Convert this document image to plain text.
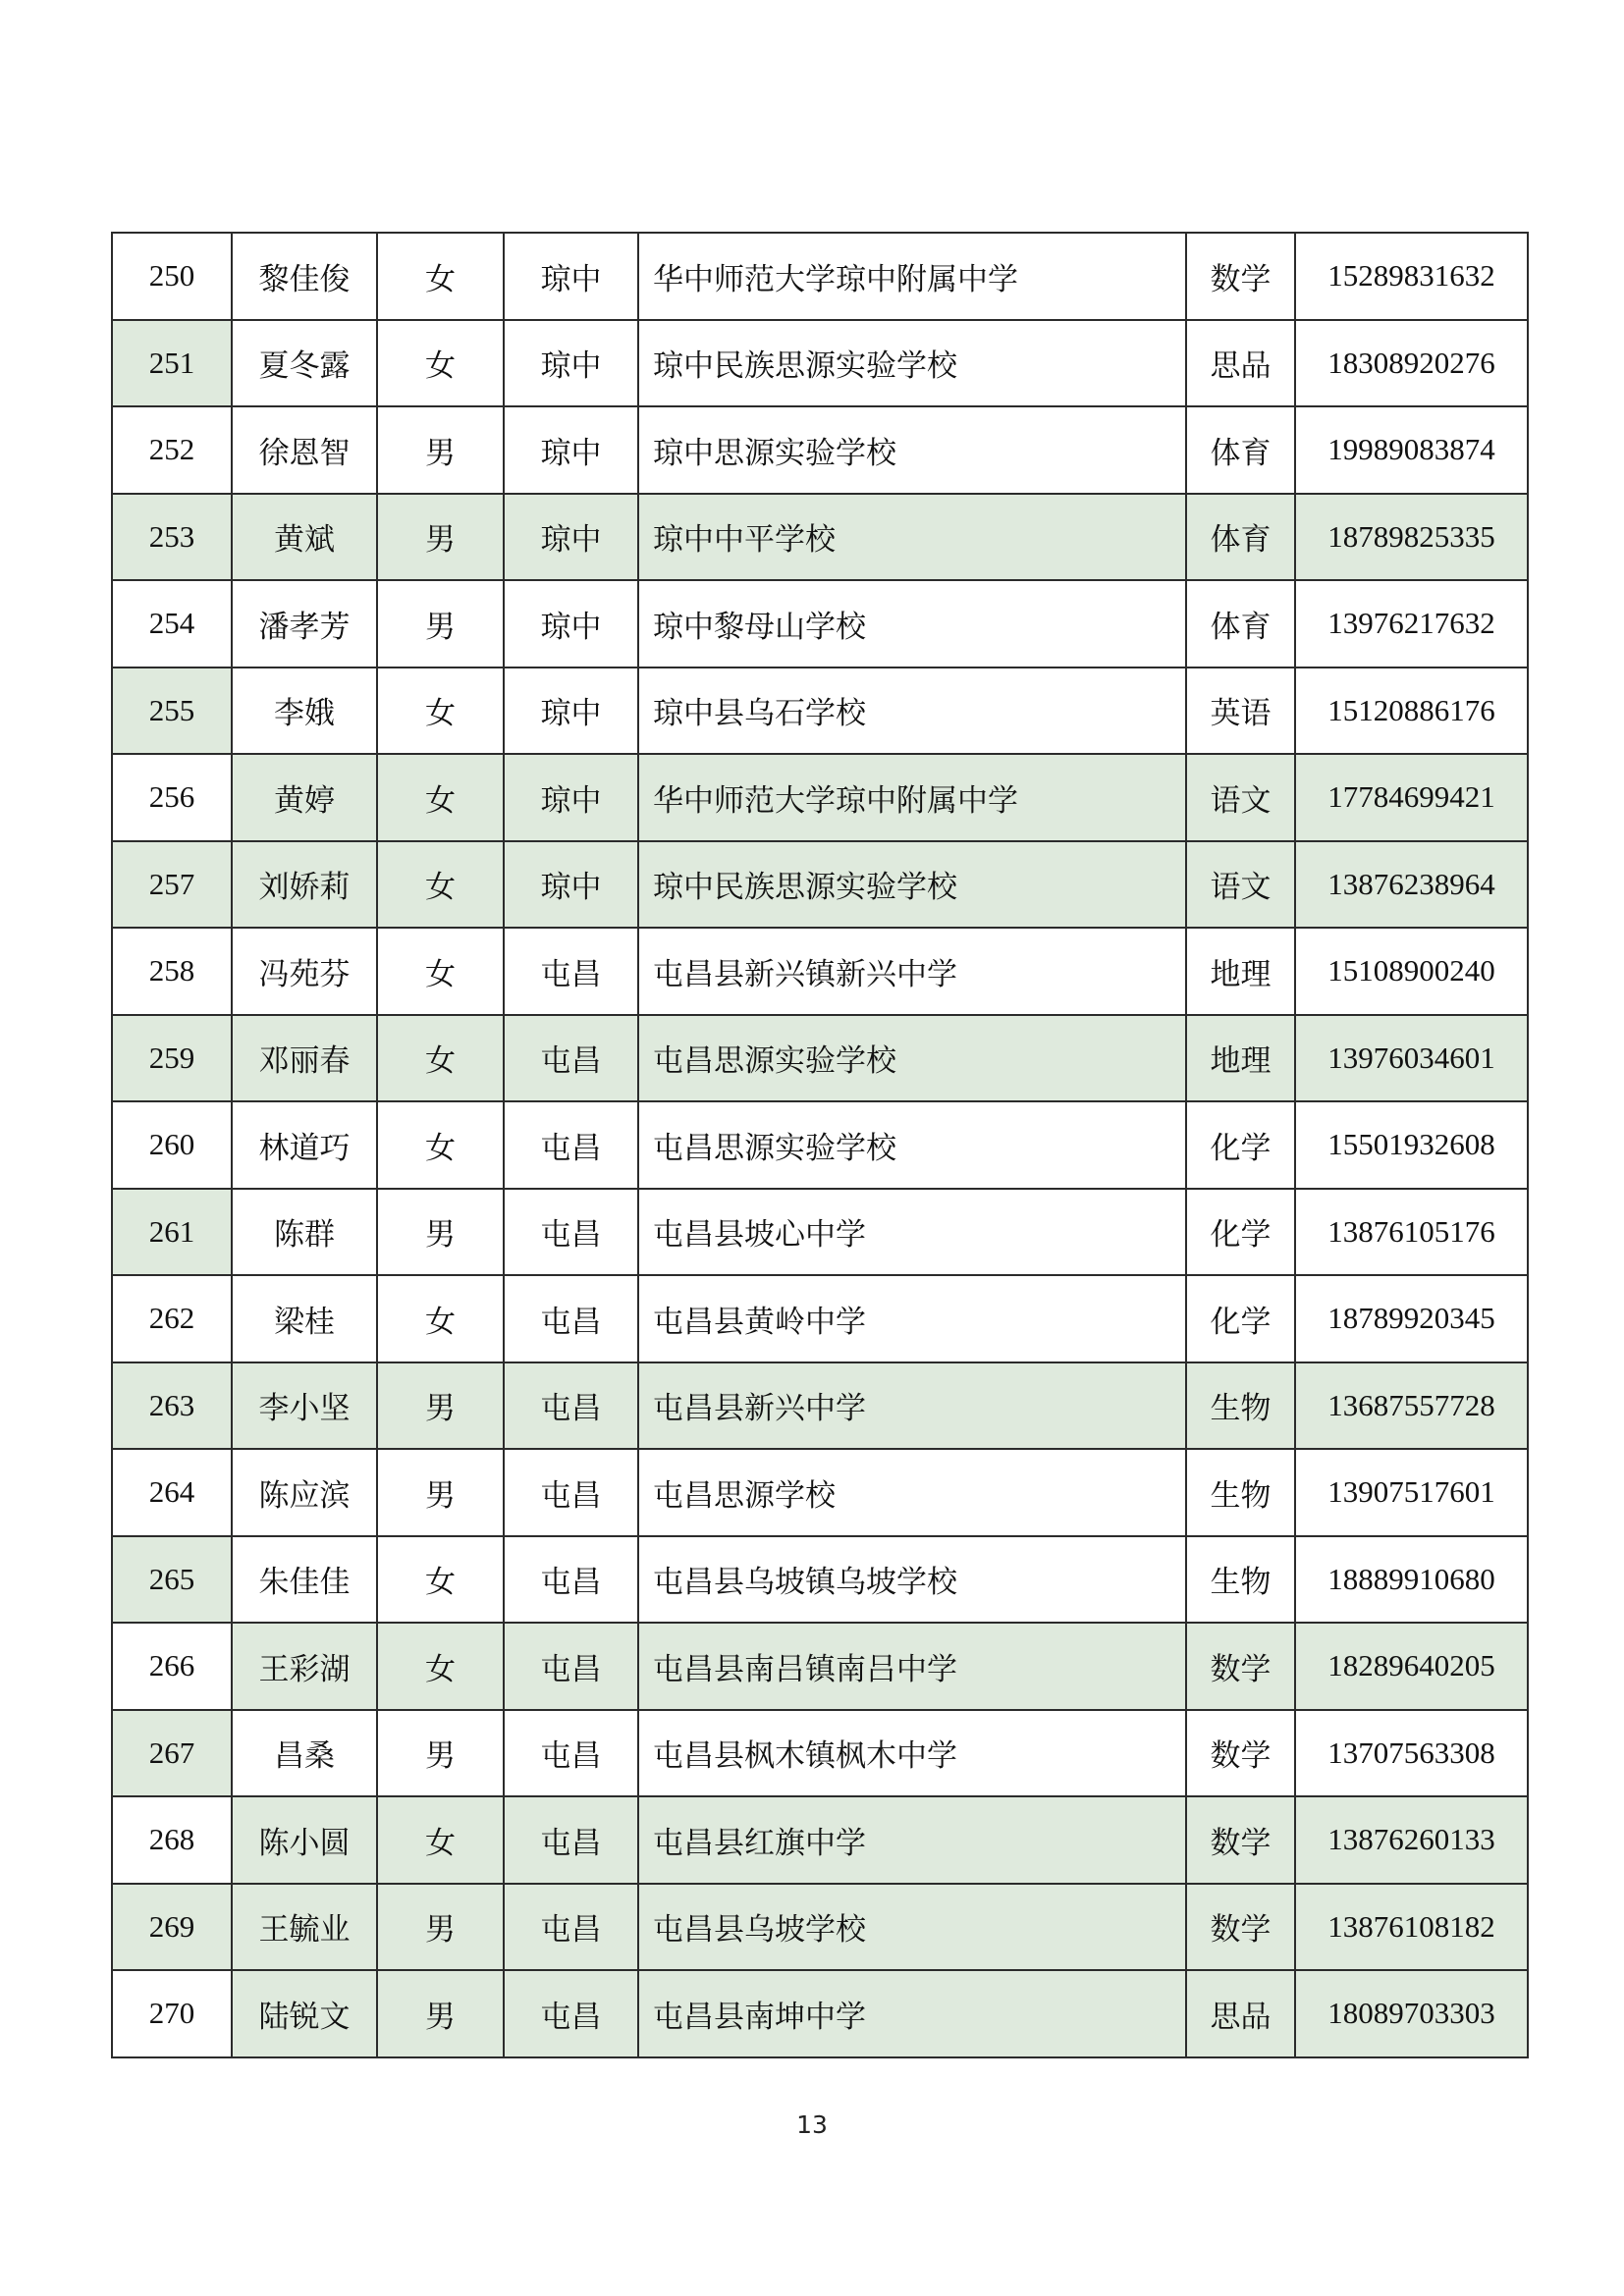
250	黎佳俊	女	琼中	华中师范大学琼中附属中学	数学	15289831632
251	夏冬露	女	琼中	琼中民族思源实验学校	思品	18308920276
252	徐恩智	男	琼中	琼中思源实验学校	体育	19989083874
253	黄斌	男	琼中	琼中中平学校	体育	18789825335
254	潘孝芳	男	琼中	琼中黎母山学校	体育	13976217632
255	李娥	女	琼中	琼中县乌石学校	英语	15120886176
256	黄婷	女	琼中	华中师范大学琼中附属中学	语文	17784699421
257	刘娇莉	女	琼中	琼中民族思源实验学校	语文	13876238964
258	冯苑芬	女	屯昌	屯昌县新兴镇新兴中学	地理	15108900240
259	邓丽春	女	屯昌	屯昌思源实验学校	地理	13976034601
260	林道巧	女	屯昌	屯昌思源实验学校	化学	15501932608
261	陈群	男	屯昌	屯昌县坡心中学	化学	13876105176
262	梁桂	女	屯昌	屯昌县黄岭中学	化学	18789920345
263	李小坚	男	屯昌	屯昌县新兴中学	生物	13687557728
264	陈应滨	男	屯昌	屯昌思源学校	生物	13907517601
265	朱佳佳	女	屯昌	屯昌县乌坡镇乌坡学校	生物	18889910680
266	王彩湖	女	屯昌	屯昌县南吕镇南吕中学	数学	18289640205
267	昌桑	男	屯昌	屯昌县枫木镇枫木中学	数学	13707563308
268	陈小圆	女	屯昌	屯昌县红旗中学	数学	13876260133
269	王毓业	男	屯昌	屯昌县乌坡学校	数学	13876108182
270	陆锐文	男	屯昌	屯昌县南坤中学	思品	18089703303
13
